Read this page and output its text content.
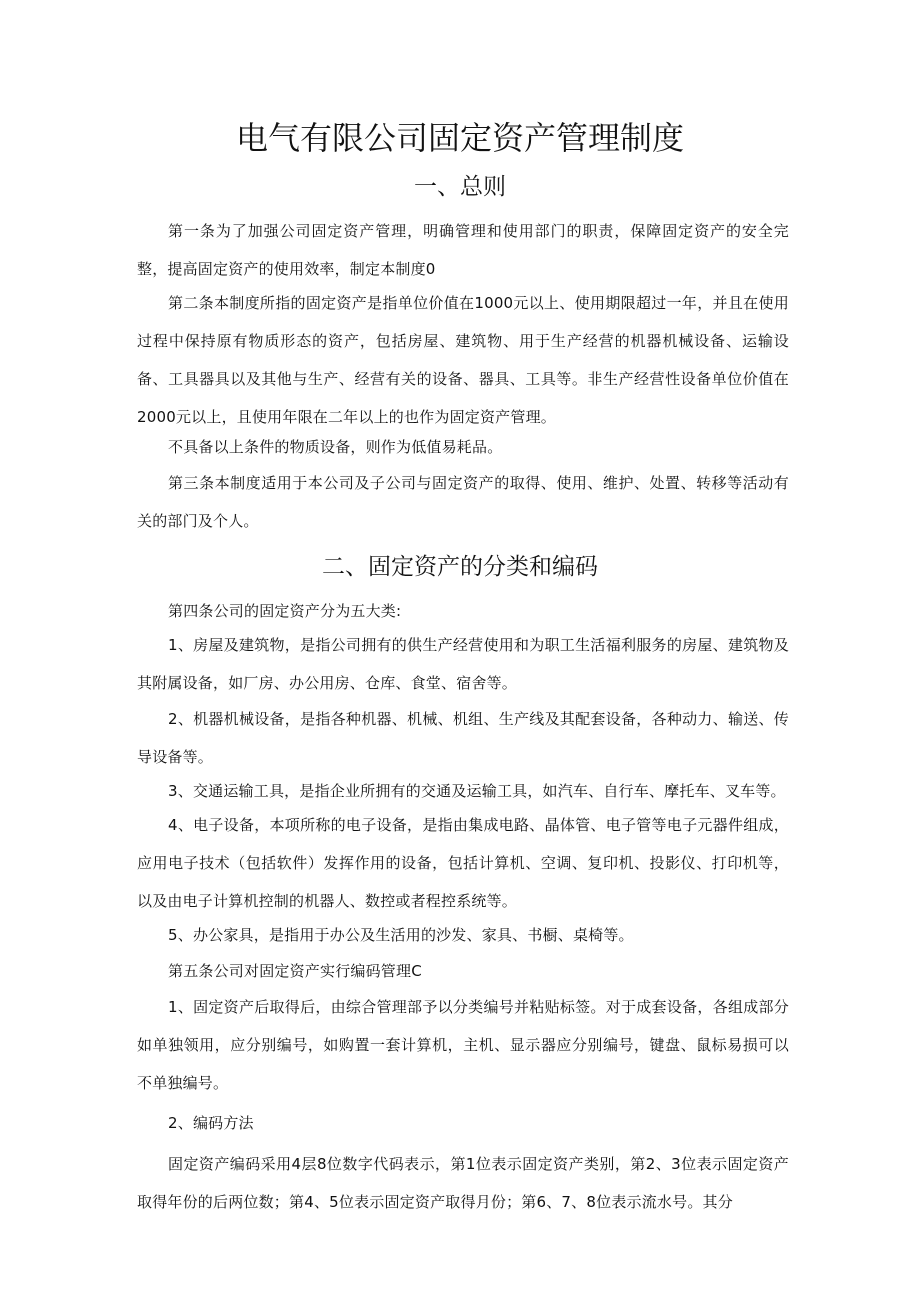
电气有限公司固定资产管理制度
一、总则

第一条为了加强公司固定资产管理，明确管理和使用部门的职责，保障固定资产的安全完整，提高固定资产的使用效率，制定本制度0

第二条本制度所指的固定资产是指单位价值在1000元以上、使用期限超过一年，并且在使用过程中保持原有物质形态的资产，包括房屋、建筑物、用于生产经营的机器机械设备、运输设备、工具器具以及其他与生产、经营有关的设备、器具、工具等。非生产经营性设备单位价值在2000元以上，且使用年限在二年以上的也作为固定资产管理。

不具备以上条件的物质设备，则作为低值易耗品。

第三条本制度适用于本公司及子公司与固定资产的取得、使用、维护、处置、转移等活动有关的部门及个人。

二、固定资产的分类和编码

第四条公司的固定资产分为五大类:

1、房屋及建筑物，是指公司拥有的供生产经营使用和为职工生活福利服务的房屋、建筑物及其附属设备，如厂房、办公用房、仓库、食堂、宿舍等。

2、机器机械设备，是指各种机器、机械、机组、生产线及其配套设备，各种动力、输送、传导设备等。

3、交通运输工具，是指企业所拥有的交通及运输工具，如汽车、自行车、摩托车、叉车等。

4、电子设备，本项所称的电子设备，是指由集成电路、晶体管、电子管等电子元器件组成，应用电子技术（包括软件）发挥作用的设备，包括计算机、空调、复印机、投影仪、打印机等，以及由电子计算机控制的机器人、数控或者程控系统等。

5、办公家具，是指用于办公及生活用的沙发、家具、书橱、桌椅等。

第五条公司对固定资产实行编码管理C

1、固定资产后取得后，由综合管理部予以分类编号并粘贴标签。对于成套设备，各组成部分如单独领用，应分别编号，如购置一套计算机，主机、显示器应分别编号，键盘、鼠标易损可以不单独编号。

2、编码方法

固定资产编码采用4层8位数字代码表示，第1位表示固定资产类别，第2、3位表示固定资产取得年份的后两位数；第4、5位表示固定资产取得月份；第6、7、8位表示流水号。其分
